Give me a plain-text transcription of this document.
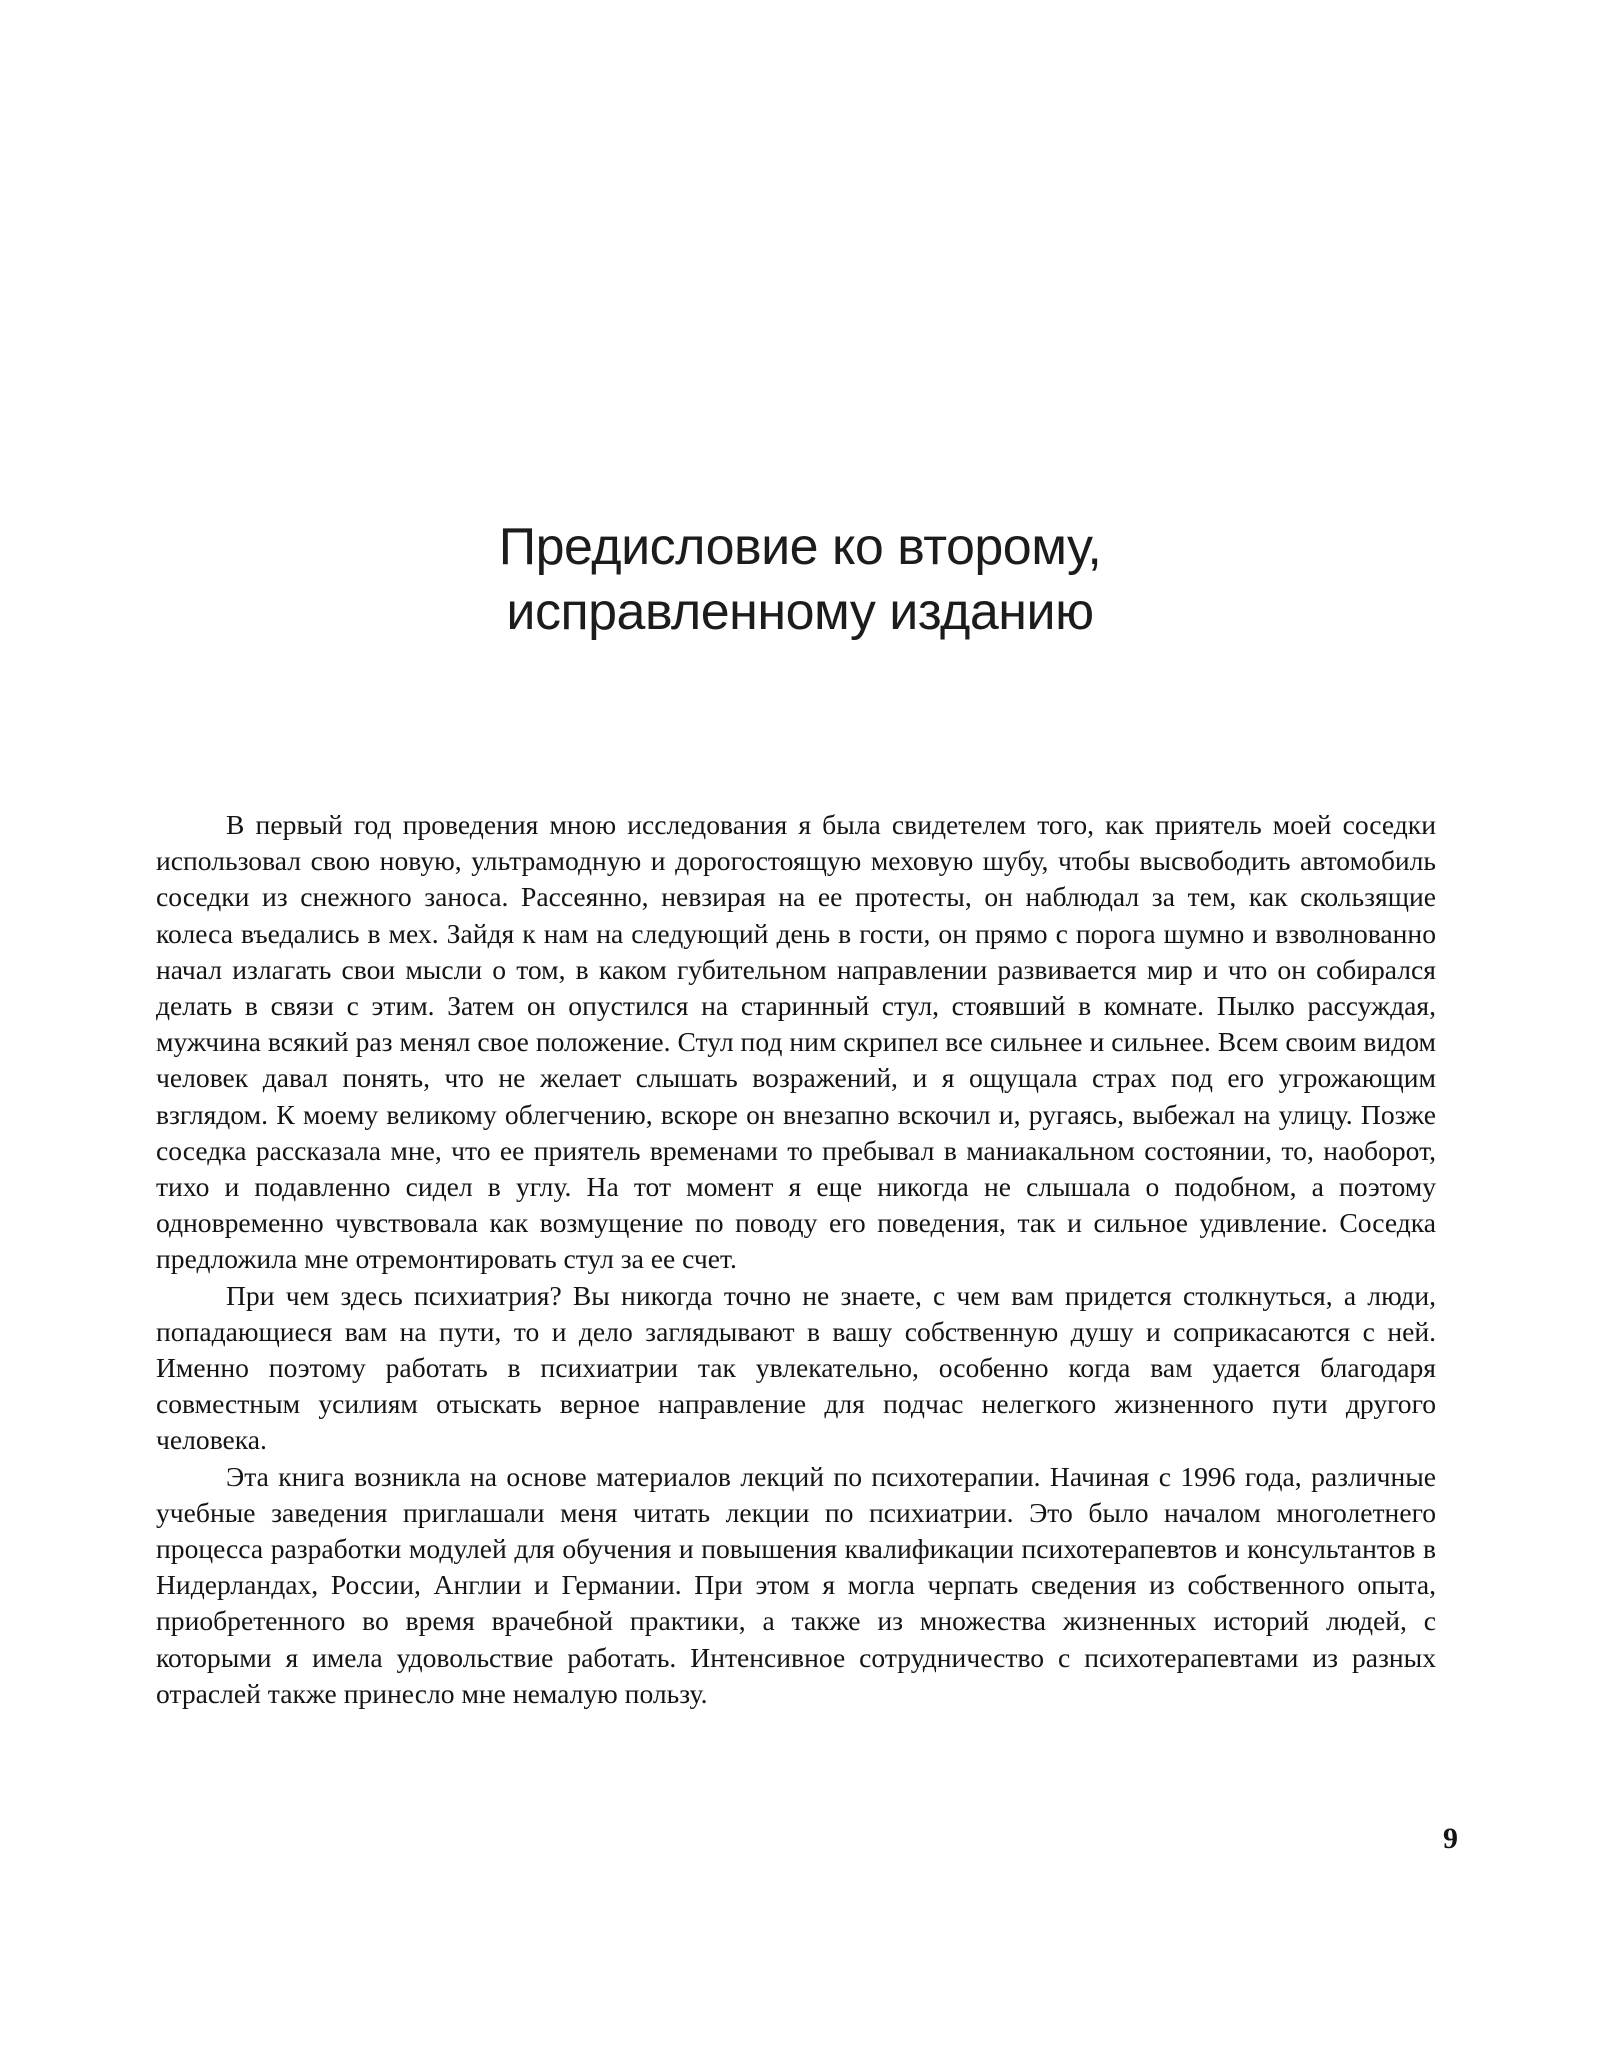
Предисловие ко второму,
исправленному изданию

В первый год проведения мною исследования я была свидетелем того, как приятель моей соседки использовал свою новую, ультрамодную и дорогостоящую меховую шубу, чтобы высвободить автомобиль соседки из снежного заноса. Рассеянно, невзирая на ее протесты, он наблюдал за тем, как скользящие колеса въедались в мех. Зайдя к нам на следующий день в гости, он прямо с порога шумно и взволнованно начал излагать свои мысли о том, в каком губительном направлении развивается мир и что он собирался делать в связи с этим. Затем он опустился на старинный стул, стоявший в комнате. Пылко рассуждая, мужчина всякий раз менял свое положение. Стул под ним скрипел все сильнее и сильнее. Всем своим видом человек давал понять, что не желает слышать возражений, и я ощущала страх под его угрожающим взглядом. К моему великому облегчению, вскоре он внезапно вскочил и, ругаясь, выбежал на улицу. Позже соседка рассказала мне, что ее приятель временами то пребывал в маниакальном состоянии, то, наоборот, тихо и подавленно сидел в углу. На тот момент я еще никогда не слышала о подобном, а поэтому одновременно чувствовала как возмущение по поводу его поведения, так и сильное удивление. Соседка предложила мне отремонтировать стул за ее счет.

При чем здесь психиатрия? Вы никогда точно не знаете, с чем вам придется столкнуться, а люди, попадающиеся вам на пути, то и дело заглядывают в вашу собственную душу и соприкасаются с ней. Именно поэтому работать в психиатрии так увлекательно, особенно когда вам удается благодаря совместным усилиям отыскать верное направление для подчас нелегкого жизненного пути другого человека.

Эта книга возникла на основе материалов лекций по психотерапии. Начиная с 1996 года, различные учебные заведения приглашали меня читать лекции по психиатрии. Это было началом многолетнего процесса разработки модулей для обучения и повышения квалификации психотерапевтов и консультантов в Нидерландах, России, Англии и Германии. При этом я могла черпать сведения из собственного опыта, приобретенного во время врачебной практики, а также из множества жизненных историй людей, с которыми я имела удовольствие работать. Интенсивное сотрудничество с психотерапевтами из разных отраслей также принесло мне немалую пользу.

9
